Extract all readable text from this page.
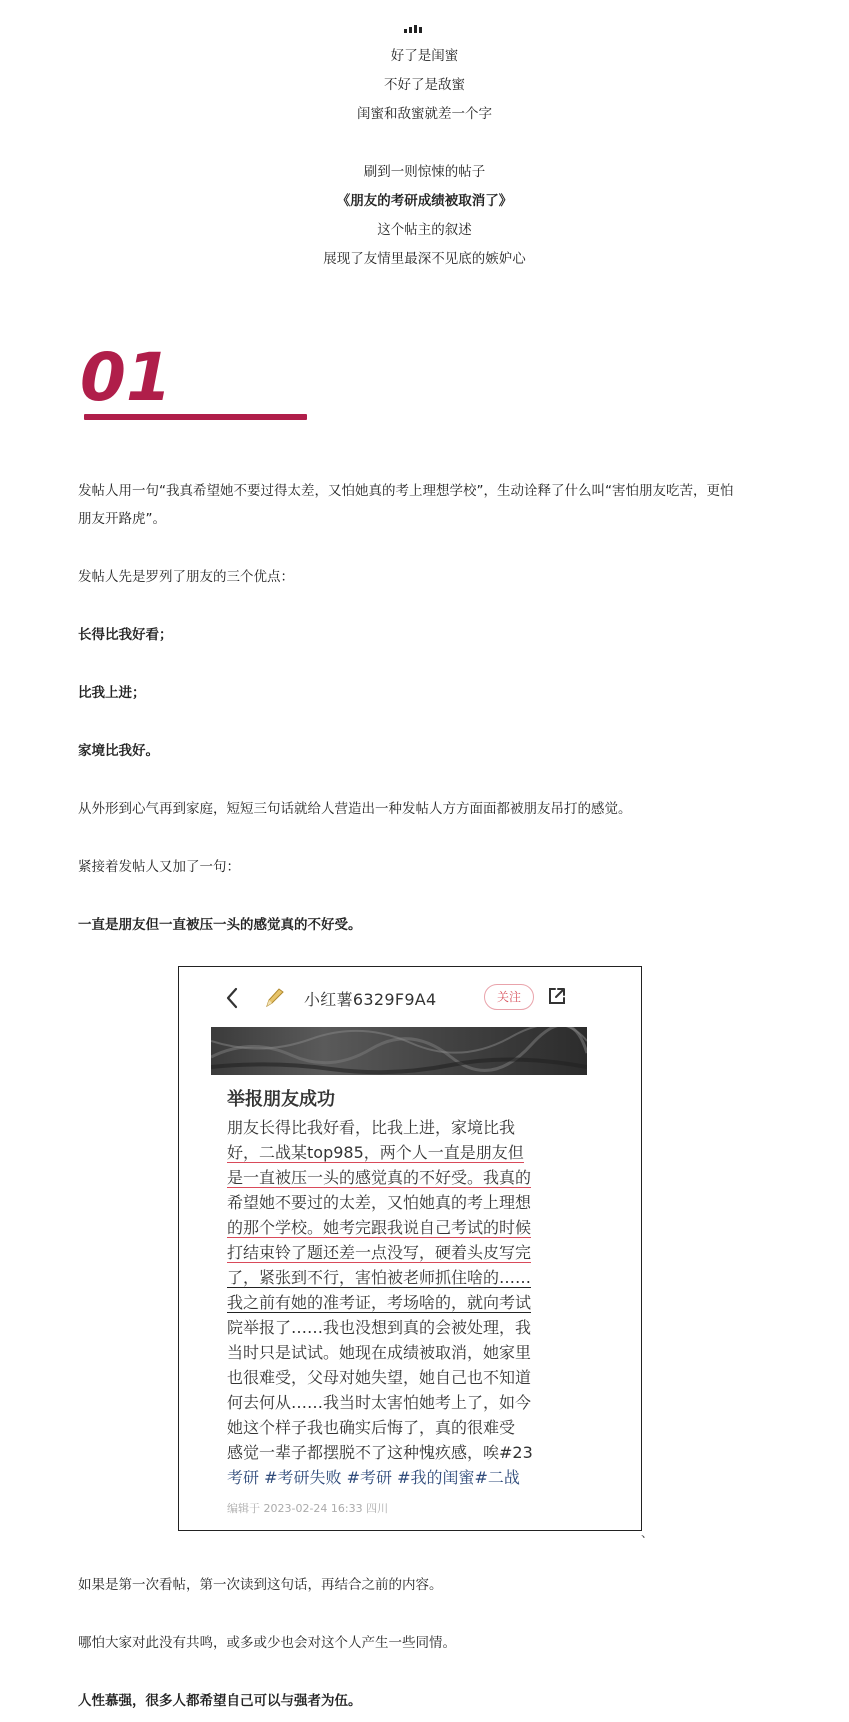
好了是闺蜜
不好了是敌蜜
闺蜜和敌蜜就差一个字
刷到一则惊悚的帖子
《朋友的考研成绩被取消了》
这个帖主的叙述
展现了友情里最深不见底的嫉妒心
01
发帖人用一句“我真希望她不要过得太差，又怕她真的考上理想学校”，生动诠释了什么叫“害怕朋友吃苦，更怕
朋友开路虎”。
发帖人先是罗列了朋友的三个优点：
长得比我好看；
比我上进；
家境比我好。
从外形到心气再到家庭，短短三句话就给人营造出一种发帖人方方面面都被朋友吊打的感觉。
紧接着发帖人又加了一句：
一直是朋友但一直被压一头的感觉真的不好受。
小红薯6329F9A4	关注
举报朋友成功
朋友长得比我好看，比我上进，家境比我
好，二战某top985，两个人一直是朋友但
是一直被压一头的感觉真的不好受。我真的
希望她不要过的太差，又怕她真的考上理想
的那个学校。她考完跟我说自己考试的时候
打结束铃了题还差一点没写，硬着头皮写完
了，紧张到不行，害怕被老师抓住啥的……
我之前有她的准考证，考场啥的，就向考试
院举报了……我也没想到真的会被处理，我
当时只是试试。她现在成绩被取消，她家里
也很难受，父母对她失望，她自己也不知道
何去何从……我当时太害怕她考上了，如今
她这个样子我也确实后悔了，真的很难受
感觉一辈子都摆脱不了这种愧疚感，唉#23
考研 #考研失败 #考研 #我的闺蜜#二战
编辑于 2023-02-24 16:33 四川
、
如果是第一次看帖，第一次读到这句话，再结合之前的内容。
哪怕大家对此没有共鸣，或多或少也会对这个人产生一些同情。
人性慕强，很多人都希望自己可以与强者为伍。
